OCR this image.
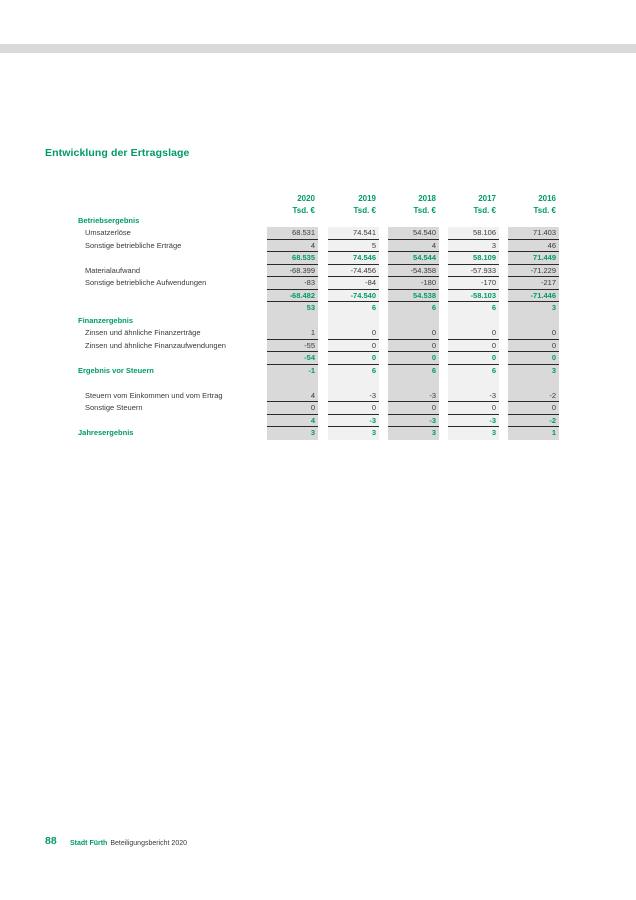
Entwicklung der Ertragslage
2020	2019	2018	2017	2016
Tsd. €	Tsd. €	Tsd. €	Tsd. €	Tsd. €
Betriebsergebnis
Umsatzerlöse	68.531	74.541	54.540	58.106	71.403
Sonstige betriebliche Erträge	4	5	4	3	46
68.535	74.546	54.544	58.109	71.449
Materialaufwand	-68.399	-74.456	-54.358	-57.933	-71.229
Sonstige betriebliche Aufwendungen	-83	-84	-180	-170	-217
-68.482	-74.540	54.538	-58.103	-71.446
53	6	6	6	3
Finanzergebnis
Zinsen und ähnliche Finanzerträge	1	0	0	0	0
Zinsen und ähnliche Finanzaufwendungen	-55	0	0	0	0
-54	0	0	0	0
Ergebnis vor Steuern	-1	6	6	6	3
Steuern vom Einkommen und vom Ertrag	4	-3	-3	-3	-2
Sonstige Steuern	0	0	0	0	0
4	-3	-3	-3	-2
Jahresergebnis	3	3	3	3	1
88 Stadt Fürth Beteiligungsbericht 2020
